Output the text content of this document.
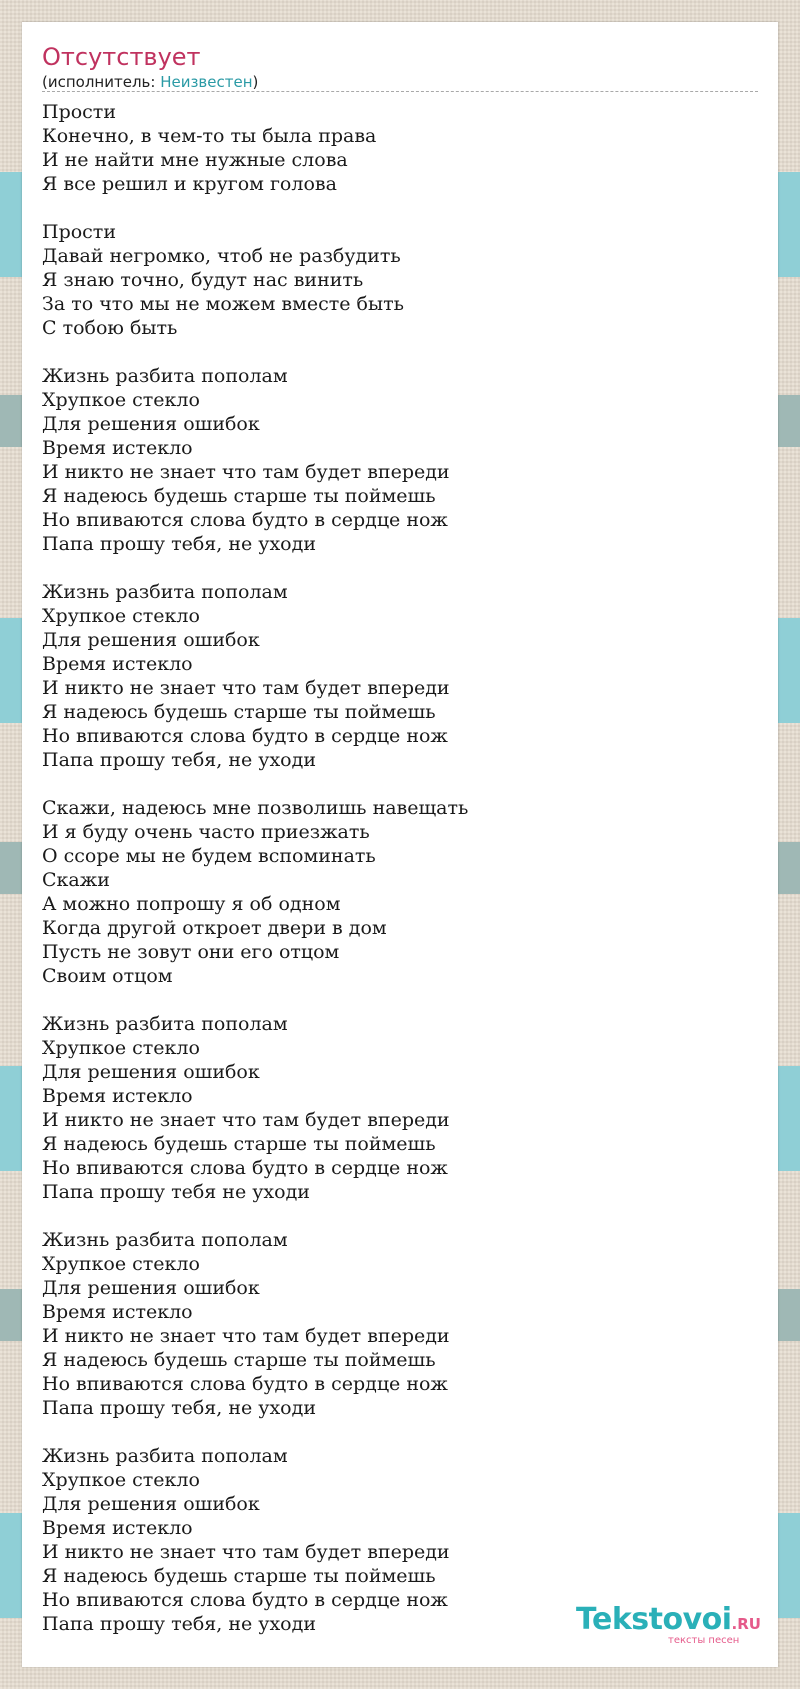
Отсутствует
(исполнитель: Неизвестен)
Прости
Конечно, в чем-то ты была права
И не найти мне нужные слова
Я все решил и кругом голова
Прости
Давай негромко, чтоб не разбудить
Я знаю точно, будут нас винить
За то что мы не можем вместе быть
С тобою быть
Жизнь разбита пополам
Хрупкое стекло
Для решения ошибок
Время истекло
И никто не знает что там будет впереди
Я надеюсь будешь старше ты поймешь
Но впиваются слова будто в сердце нож
Папа прошу тебя, не уходи
Жизнь разбита пополам
Хрупкое стекло
Для решения ошибок
Время истекло
И никто не знает что там будет впереди
Я надеюсь будешь старше ты поймешь
Но впиваются слова будто в сердце нож
Папа прошу тебя, не уходи
Скажи, надеюсь мне позволишь навещать
И я буду очень часто приезжать
О ссоре мы не будем вспоминать
Скажи
А можно попрошу я об одном
Когда другой откроет двери в дом
Пусть не зовут они его отцом
Своим отцом
Жизнь разбита пополам
Хрупкое стекло
Для решения ошибок
Время истекло
И никто не знает что там будет впереди
Я надеюсь будешь старше ты поймешь
Но впиваются слова будто в сердце нож
Папа прошу тебя не уходи
Жизнь разбита пополам
Хрупкое стекло
Для решения ошибок
Время истекло
И никто не знает что там будет впереди
Я надеюсь будешь старше ты поймешь
Но впиваются слова будто в сердце нож
Папа прошу тебя, не уходи
Жизнь разбита пополам
Хрупкое стекло
Для решения ошибок
Время истекло
И никто не знает что там будет впереди
Я надеюсь будешь старше ты поймешь
Но впиваются слова будто в сердце нож
Папа прошу тебя, не уходи	Tekstovoi.RU
тексты песен
